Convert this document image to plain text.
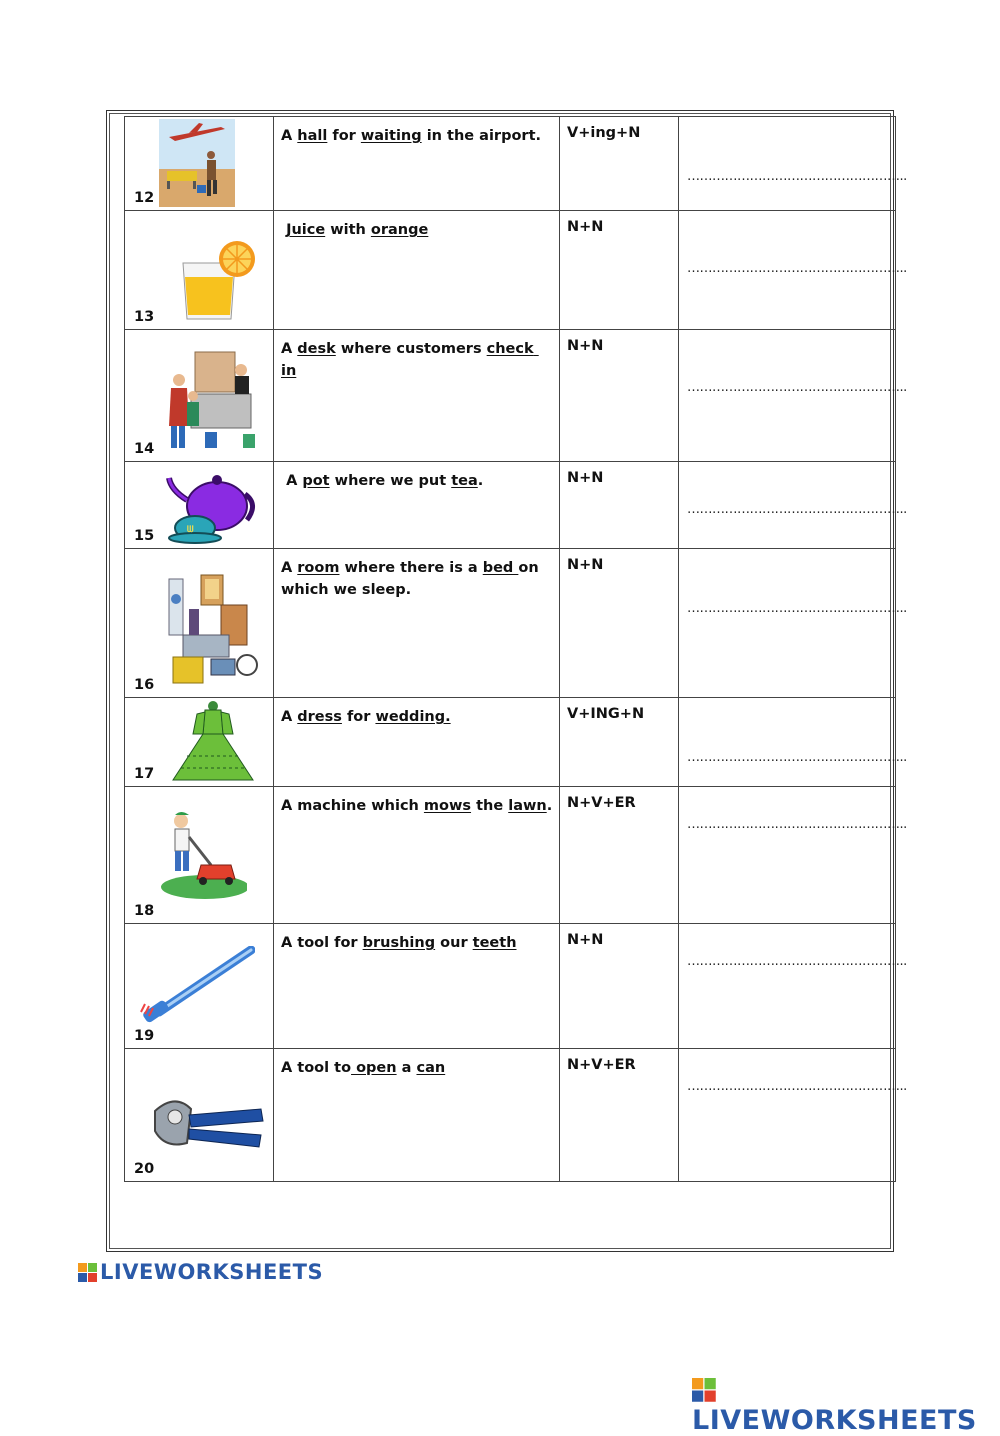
12	A hall for waiting in the airport.	V+ing+N	……………………………………………..

13	Juice with orange	N+N	……………………………………………..

14	A desk where customers check in	N+N	……………………………………………..

ᗯ
15	A pot where we put tea.	N+N	……………………………………………..

16	A room where there is a bed on which we sleep.	N+N	……………………………………………..

17	A dress for wedding.	V+ING+N	……………………………………………..

18	A machine which mows the lawn.	N+V+ER	……………………………………………..

19	A tool for brushing our teeth	N+N	……………………………………………..

20	A tool to open a can	N+V+ER	……………………………………………..
LIVEWORKSHEETS
LIVEWORKSHEETS
